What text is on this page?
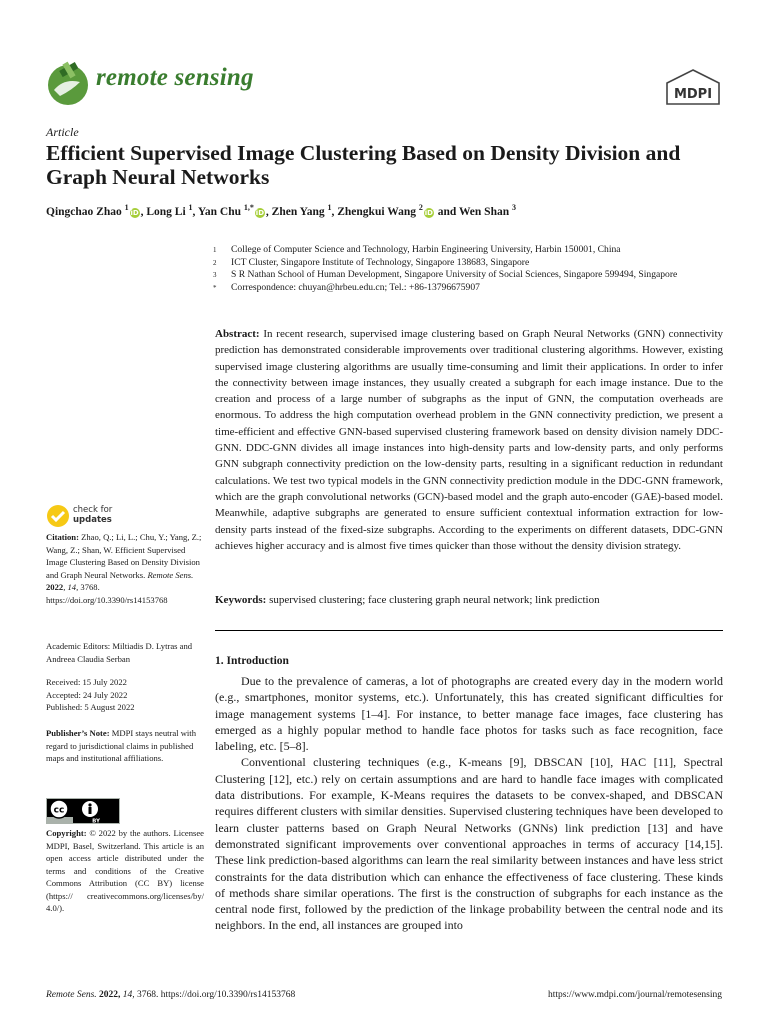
remote sensing
MDPI
Article
Efficient Supervised Image Clustering Based on Density Division and Graph Neural Networks
Qingchao Zhao $^1$iD , Long Li $^1$, Yan Chu $^{1,*}$iD , Zhen Yang $^1$, Zhengkui Wang $^2$iD and Wen Shan $^3$
1	College of Computer Science and Technology, Harbin Engineering University, Harbin 150001, China
2	ICT Cluster, Singapore Institute of Technology, Singapore 138683, Singapore
3	S R Nathan School of Human Development, Singapore University of Social Sciences, Singapore 599494, Singapore
*	Correspondence: chuyan@hrbeu.edu.cn; Tel.: +86-13796675907
Abstract: In recent research, supervised image clustering based on Graph Neural Networks (GNN) connectivity prediction has demonstrated considerable improvements over traditional clustering algorithms. However, existing supervised image clustering algorithms are usually time-consuming and limit their applications. In order to infer the connectivity between image instances, they usually created a subgraph for each image instance. Due to the creation and process of a large number of subgraphs as the input of GNN, the computation overheads are enormous. To address the high computation overhead problem in the GNN connectivity prediction, we present a time-efficient and effective GNN-based supervised clustering framework based on density division namely DDC-GNN. DDC-GNN divides all image instances into high-density parts and low-density parts, and only performs GNN subgraph connectivity prediction on the low-density parts, resulting in a significant reduction in redundant calculations. We test two typical models in the GNN connectivity prediction module in the DDC-GNN framework, which are the graph convolutional networks (GCN)-based model and the graph auto-encoder (GAE)-based model. Meanwhile, adaptive subgraphs are generated to ensure sufficient contextual information extraction for low-density parts instead of the fixed-size subgraphs. According to the experiments on different datasets, DDC-GNN achieves higher accuracy and is almost five times quicker than those without the density division strategy.
Keywords: supervised clustering; face clustering graph neural network; link prediction
check for
updates
Citation: Zhao, Q.; Li, L.; Chu, Y.; Yang, Z.; Wang, Z.; Shan, W. Efficient Supervised Image Clustering Based on Density Division and Graph Neural Networks. Remote Sens. 2022, 14, 3768. https://doi.org/10.3390/rs14153768
Academic Editors: Miltiadis D. Lytras and Andreea Claudia Serban
Received: 15 July 2022
Accepted: 24 July 2022
Published: 5 August 2022
Publisher’s Note: MDPI stays neutral with regard to jurisdictional claims in published maps and institutional affiliations.
cc
BY
Copyright: © 2022 by the authors. Licensee MDPI, Basel, Switzerland. This article is an open access article distributed under the terms and conditions of the Creative Commons Attribution (CC BY) license (https:// creativecommons.org/licenses/by/ 4.0/).
1. Introduction

Due to the prevalence of cameras, a lot of photographs are created every day in the modern world (e.g., smartphones, monitor systems, etc.). Unfortunately, this has created significant difficulties for image management systems [1–4]. For instance, to better manage face images, face clustering has emerged as a highly popular method to handle face photos for tasks such as face recognition, face labeling, etc. [5–8].

Conventional clustering techniques (e.g., K-means [9], DBSCAN [10], HAC [11], Spectral Clustering [12], etc.) rely on certain assumptions and are hard to handle face images with complicated data distributions. For example, K-Means requires the datasets to be convex-shaped, and DBSCAN requires different clusters with similar densities. Supervised clustering techniques have been developed to learn cluster patterns based on Graph Neural Networks (GNNs) link prediction [13] and have demonstrated significant improvements over conventional approaches in terms of accuracy [14,15]. These link prediction-based algorithms can learn the real similarity between instances and have less strict constraints for the data distribution which can enhance the effectiveness of face clustering. These kinds of methods share similar operations. The first is the construction of subgraphs for each instance as the central node first, followed by the prediction of the linkage probability between the central node and its neighbors. In the end, all instances are grouped into

Remote Sens. 2022, 14, 3768. https://doi.org/10.3390/rs14153768	https://www.mdpi.com/journal/remotesensing
